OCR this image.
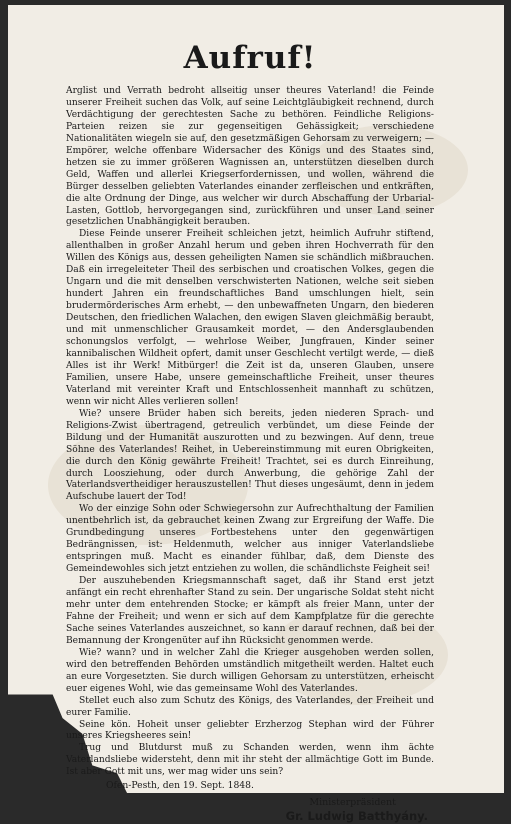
Aufruf!

Arglist und Verrath bedroht allseitig unser theures Vaterland! die Feinde unserer Freiheit suchen das Volk, auf seine Leichtgläubigkeit rechnend, durch Verdächtigung der gerechtesten Sache zu bethören. Feindliche Religions-Parteien reizen sie zur gegenseitigen Gehässigkeit; verschiedene Nationalitäten wiegeln sie auf, den gesetzmäßigen Gehorsam zu verweigern; — Empörer, welche offenbare Widersacher des Königs und des Staates sind, hetzen sie zu immer größeren Wagnissen an, unterstützen dieselben durch Geld, Waffen und allerlei Kriegserfordernissen, und wollen, während die Bürger desselben geliebten Vaterlandes einander zerfleischen und entkräften, die alte Ordnung der Dinge, aus welcher wir durch Abschaffung der Urbarial-Lasten, Gottlob, hervorgegangen sind, zurückführen und unser Land seiner gesetzlichen Unabhängigkeit berauben.

Diese Feinde unserer Freiheit schleichen jetzt, heimlich Aufruhr stiftend, allenthalben in großer Anzahl herum und geben ihren Hochverrath für den Willen des Königs aus, dessen geheiligten Namen sie schändlich mißbrauchen. Daß ein irregeleiteter Theil des serbischen und croatischen Volkes, gegen die Ungarn und die mit denselben verschwisterten Nationen, welche seit sieben hundert Jahren ein freundschaftliches Band umschlungen hielt, sein brudermörderisches Arm erhebt, — den unbewaffneten Ungarn, den biederen Deutschen, den friedlichen Walachen, den ewigen Slaven gleichmäßig beraubt, und mit unmenschlicher Grausamkeit mordet, — den Andersglaubenden schonungslos verfolgt, — wehrlose Weiber, Jungfrauen, Kinder seiner kannibalischen Wildheit opfert, damit unser Geschlecht vertilgt werde, — dieß Alles ist ihr Werk! Mitbürger! die Zeit ist da, unseren Glauben, unsere Familien, unsere Habe, unsere gemeinschaftliche Freiheit, unser theures Vaterland mit vereinter Kraft und Entschlossenheit mannhaft zu schützen, wenn wir nicht Alles verlieren sollen!

Wie? unsere Brüder haben sich bereits, jeden niederen Sprach- und Religions-Zwist übertragend, getreulich verbündet, um diese Feinde der Bildung und der Humanität auszurotten und zu bezwingen. Auf denn, treue Söhne des Vaterlandes! Reihet, in Uebereinstimmung mit euren Obrigkeiten, die durch den König gewährte Freiheit! Trachtet, sei es durch Einreihung, durch Loosziehung, oder durch Anwerbung, die gehörige Zahl der Vaterlandsvertheidiger herauszustellen! Thut dieses ungesäumt, denn in jedem Aufschube lauert der Tod!

Wo der einzige Sohn oder Schwiegersohn zur Aufrechthaltung der Familien unentbehrlich ist, da gebrauchet keinen Zwang zur Ergreifung der Waffe. Die Grundbedingung unseres Fortbestehens unter den gegenwärtigen Bedrängnissen, ist: Heldenmuth, welcher aus inniger Vaterlandsliebe entspringen muß. Macht es einander fühlbar, daß, dem Dienste des Gemeindewohles sich jetzt entziehen zu wollen, die schändlichste Feigheit sei!

Der auszuhebenden Kriegsmannschaft saget, daß ihr Stand erst jetzt anfängt ein recht ehrenhafter Stand zu sein. Der ungarische Soldat steht nicht mehr unter dem entehrenden Stocke; er kämpft als freier Mann, unter der Fahne der Freiheit; und wenn er sich auf dem Kampfplatze für die gerechte Sache seines Vaterlandes auszeichnet, so kann er darauf rechnen, daß bei der Bemannung der Krongenüter auf ihn Rücksicht genommen werde.

Wie? wann? und in welcher Zahl die Krieger ausgehoben werden sollen, wird den betreffenden Behörden umständlich mitgetheilt werden. Haltet euch an eure Vorgesetzten. Sie durch willigen Gehorsam zu unterstützen, erheischt euer eigenes Wohl, wie das gemeinsame Wohl des Vaterlandes.

Stellet euch also zum Schutz des Königs, des Vaterlandes, der Freiheit und eurer Familie.

Seine kön. Hoheit unser geliebter Erzherzog Stephan wird der Führer unseres Kriegsheeres sein!

Trug und Blutdurst muß zu Schanden werden, wenn ihm ächte Vaterlandsliebe widersteht, denn mit ihr steht der allmächtige Gott im Bunde. Ist aber Gott mit uns, wer mag wider uns sein?

Ofen-Pesth, den 19. Sept. 1848.
Ministerpräsident
Gr. Ludwig Batthyány.
